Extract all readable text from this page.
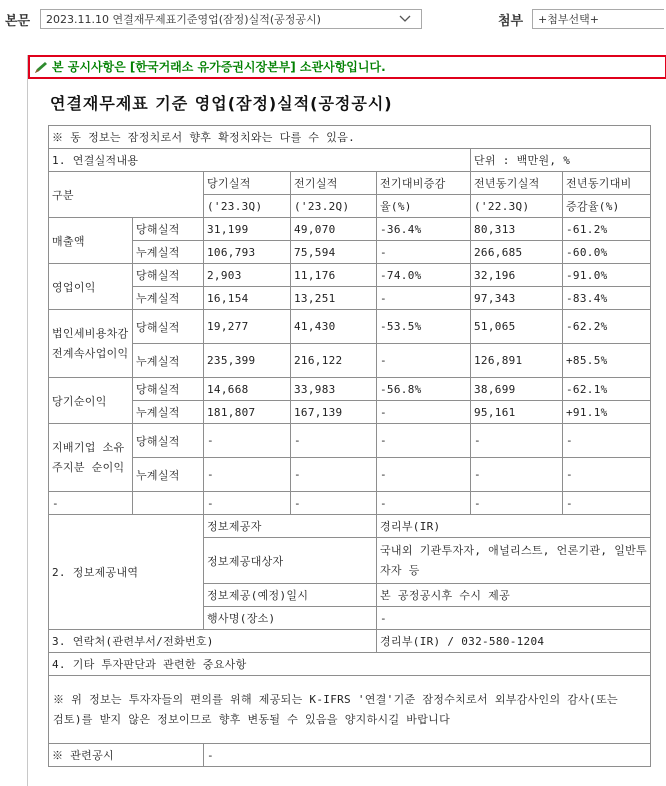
본문	2023.11.10 연결재무제표기준영업(잠정)실적(공정공시)	첨부	+첨부선택+
본 공시사항은 [한국거래소 유가증권시장본부] 소관사항입니다.
연결재무제표 기준 영업(잠정)실적(공정공시)
※ 동 정보는 잠정치로서 향후 확정치와는 다를 수 있음.						
1. 연결실적내용					단위 : 백만원, %	
구분		당기실적	전기실적	전기대비증감	전년동기실적	전년동기대비
		('23.3Q)	('23.2Q)	율(%)	('22.3Q)	증감율(%)
매출액	당해실적	31,199	49,070	-36.4%	80,313	-61.2%
	누계실적	106,793	75,594	-	266,685	-60.0%
영업이익	당해실적	2,903	11,176	-74.0%	32,196	-91.0%
	누계실적	16,154	13,251	-	97,343	-83.4%
법인세비용차감전계속사업이익	당해실적	19,277	41,430	-53.5%	51,065	-62.2%
	누계실적	235,399	216,122	-	126,891	+85.5%
당기순이익	당해실적	14,668	33,983	-56.8%	38,699	-62.1%
	누계실적	181,807	167,139	-	95,161	+91.1%
지배기업 소유주지분 순이익	당해실적	-	-	-	-	-
	누계실적	-	-	-	-	-
-		-	-	-	-	-
2. 정보제공내역		정보제공자		경리부(IR)		
		정보제공대상자		국내외 기관투자자, 애널리스트, 언론기관, 일반투자자 등		
		정보제공(예정)일시		본 공정공시후 수시 제공		
		행사명(장소)		-		
3. 연락처(관련부서/전화번호)				경리부(IR) / 032-580-1204		
4. 기타 투자판단과 관련한 중요사항						
※ 위 정보는 투자자들의 편의를 위해 제공되는 K-IFRS '연결'기준 잠정수치로서 외부감사인의 감사(또는 검토)를 받지 않은 정보이므로 향후 변동될 수 있음을 양지하시길 바랍니다						
※ 관련공시		-				
